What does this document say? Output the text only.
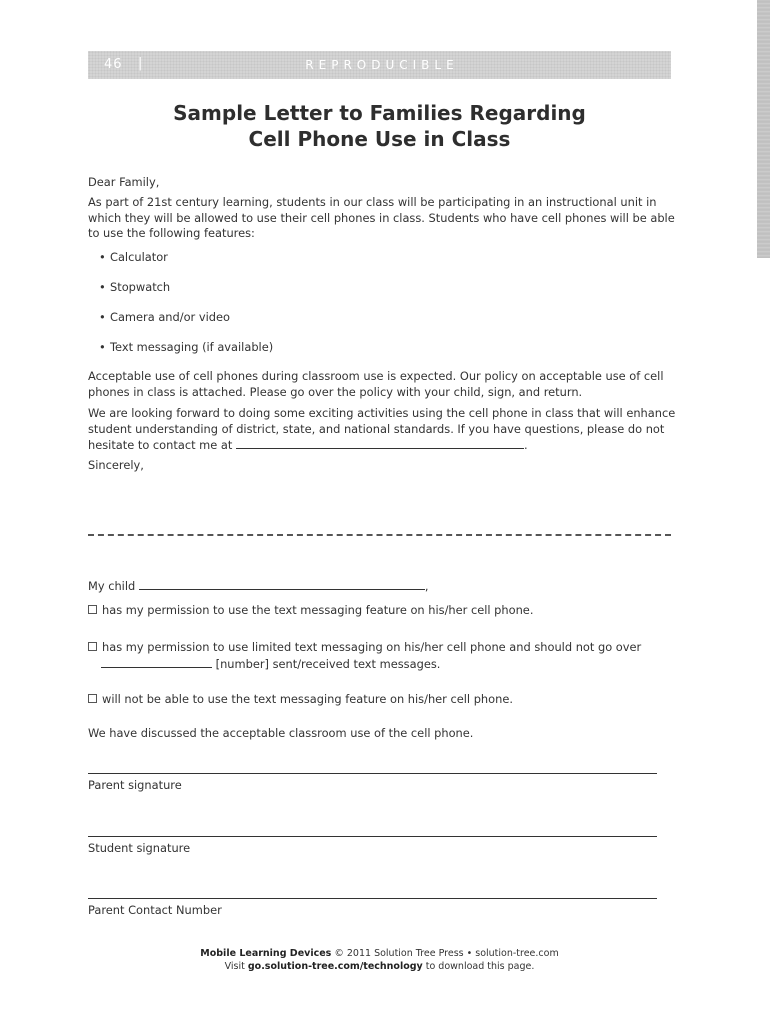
46 |	REPRODUCIBLE
Sample Letter to Families Regarding
Cell Phone Use in Class
Dear Family,
As part of 21st century learning, students in our class will be participating in an instructional unit in which they will be allowed to use their cell phones in class. Students who have cell phones will be able to use the following features:
• Calculator
• Stopwatch
• Camera and/or video
• Text messaging (if available)
Acceptable use of cell phones during classroom use is expected. Our policy on acceptable use of cell phones in class is attached. Please go over the policy with your child, sign, and return.
We are looking forward to doing some exciting activities using the cell phone in class that will enhance student understanding of district, state, and national standards. If you have questions, please do not hesitate to contact me at	.
Sincerely,
My child	,
has my permission to use the text messaging feature on his/her cell phone.
has my permission to use limited text messaging on his/her cell phone and should not go over
[number] sent/received text messages.
will not be able to use the text messaging feature on his/her cell phone.
We have discussed the acceptable classroom use of the cell phone.
Parent signature
Student signature
Parent Contact Number
Mobile Learning Devices © 2011 Solution Tree Press • solution-tree.com
Visit go.solution-tree.com/technology to download this page.
